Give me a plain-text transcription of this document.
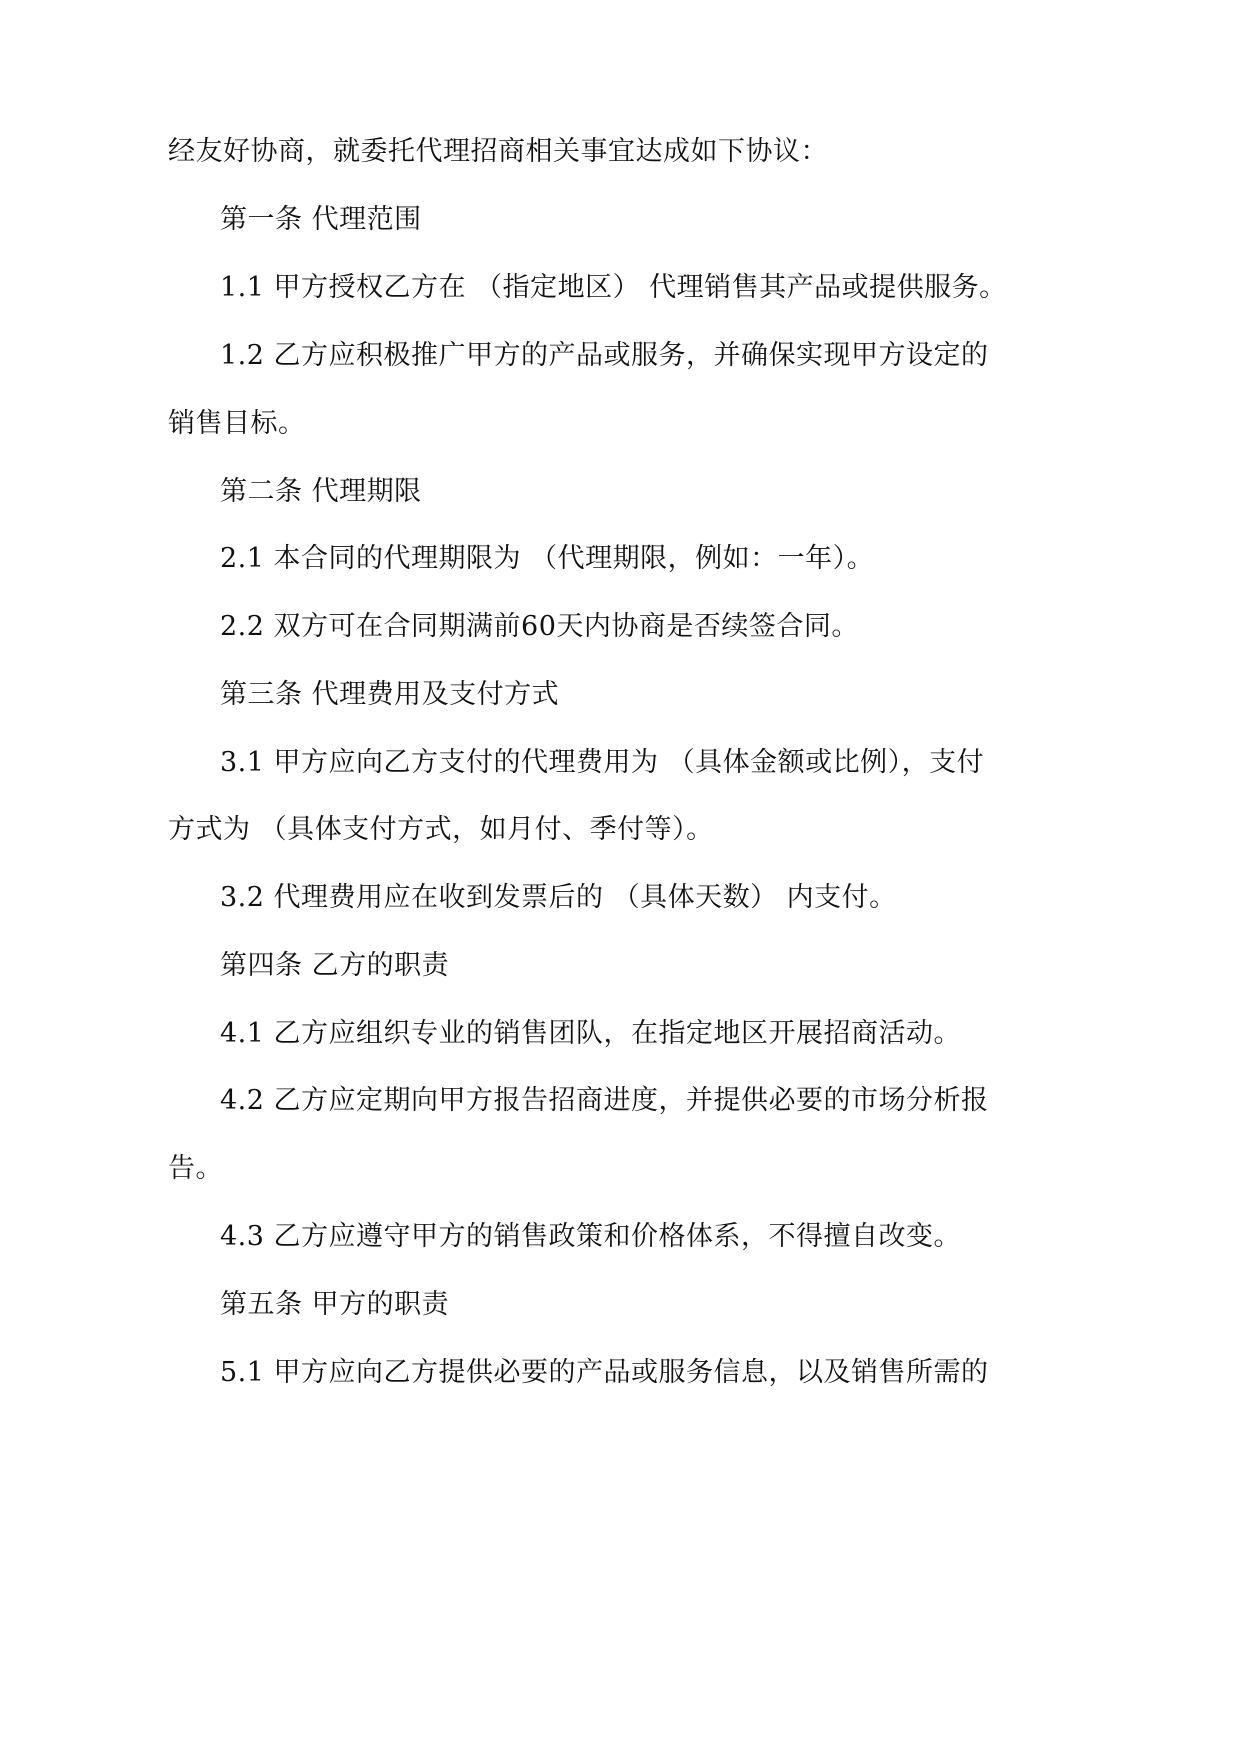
经友好协商，就委托代理招商相关事宜达成如下协议：
第一条 代理范围
1.1 甲方授权乙方在 （指定地区） 代理销售其产品或提供服务。
1.2 乙方应积极推广甲方的产品或服务，并确保实现甲方设定的
销售目标。
第二条 代理期限
2.1 本合同的代理期限为 （代理期限，例如：一年）。
2.2 双方可在合同期满前60天内协商是否续签合同。
第三条 代理费用及支付方式
3.1 甲方应向乙方支付的代理费用为 （具体金额或比例），支付
方式为 （具体支付方式，如月付、季付等）。
3.2 代理费用应在收到发票后的 （具体天数） 内支付。
第四条 乙方的职责
4.1 乙方应组织专业的销售团队，在指定地区开展招商活动。
4.2 乙方应定期向甲方报告招商进度，并提供必要的市场分析报
告。
4.3 乙方应遵守甲方的销售政策和价格体系，不得擅自改变。
第五条 甲方的职责
5.1 甲方应向乙方提供必要的产品或服务信息，以及销售所需的
